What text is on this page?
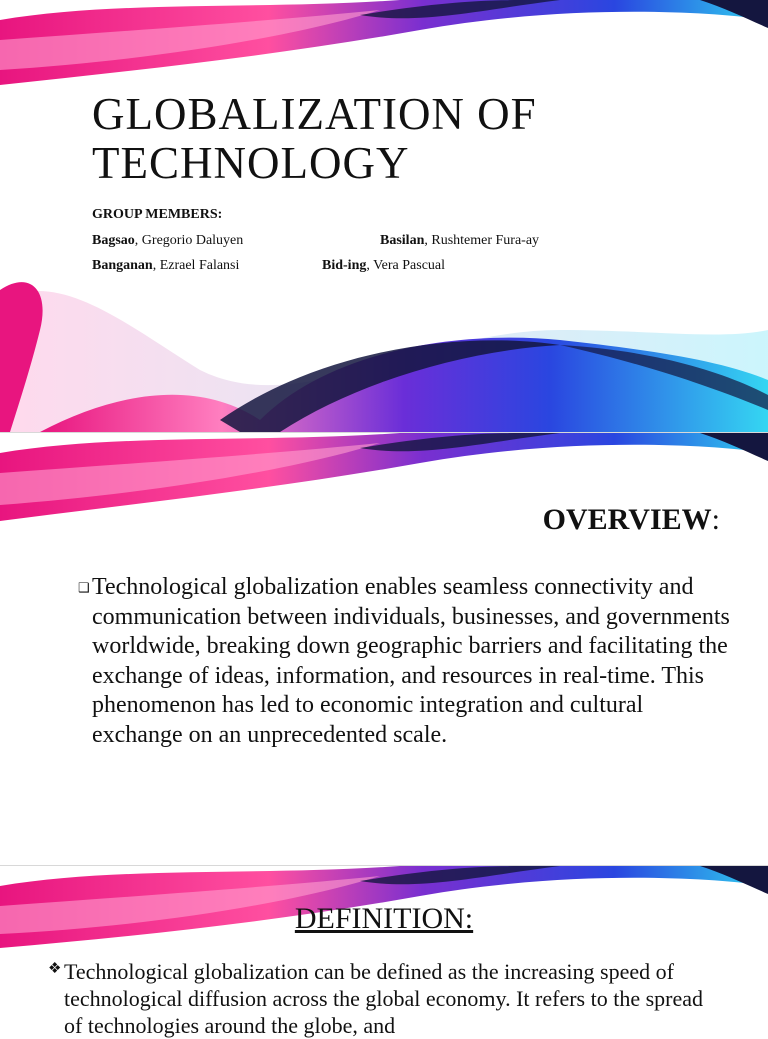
GLOBALIZATION OF TECHNOLOGY
GROUP MEMBERS:
Bagsao, Gregorio Daluyen	Basilan, Rushtemer Fura-ay
Banganan, Ezrael Falansi	Bid-ing, Vera Pascual
OVERVIEW:
❑ Technological globalization enables seamless connectivity and communication between individuals, businesses, and governments worldwide, breaking down geographic barriers and facilitating the exchange of ideas, information, and resources in real-time. This phenomenon has led to economic integration and cultural exchange on an unprecedented scale.
DEFINITION:
❖ Technological globalization can be defined as the increasing speed of technological diffusion across the global economy. It refers to the spread of technologies around the globe, and
